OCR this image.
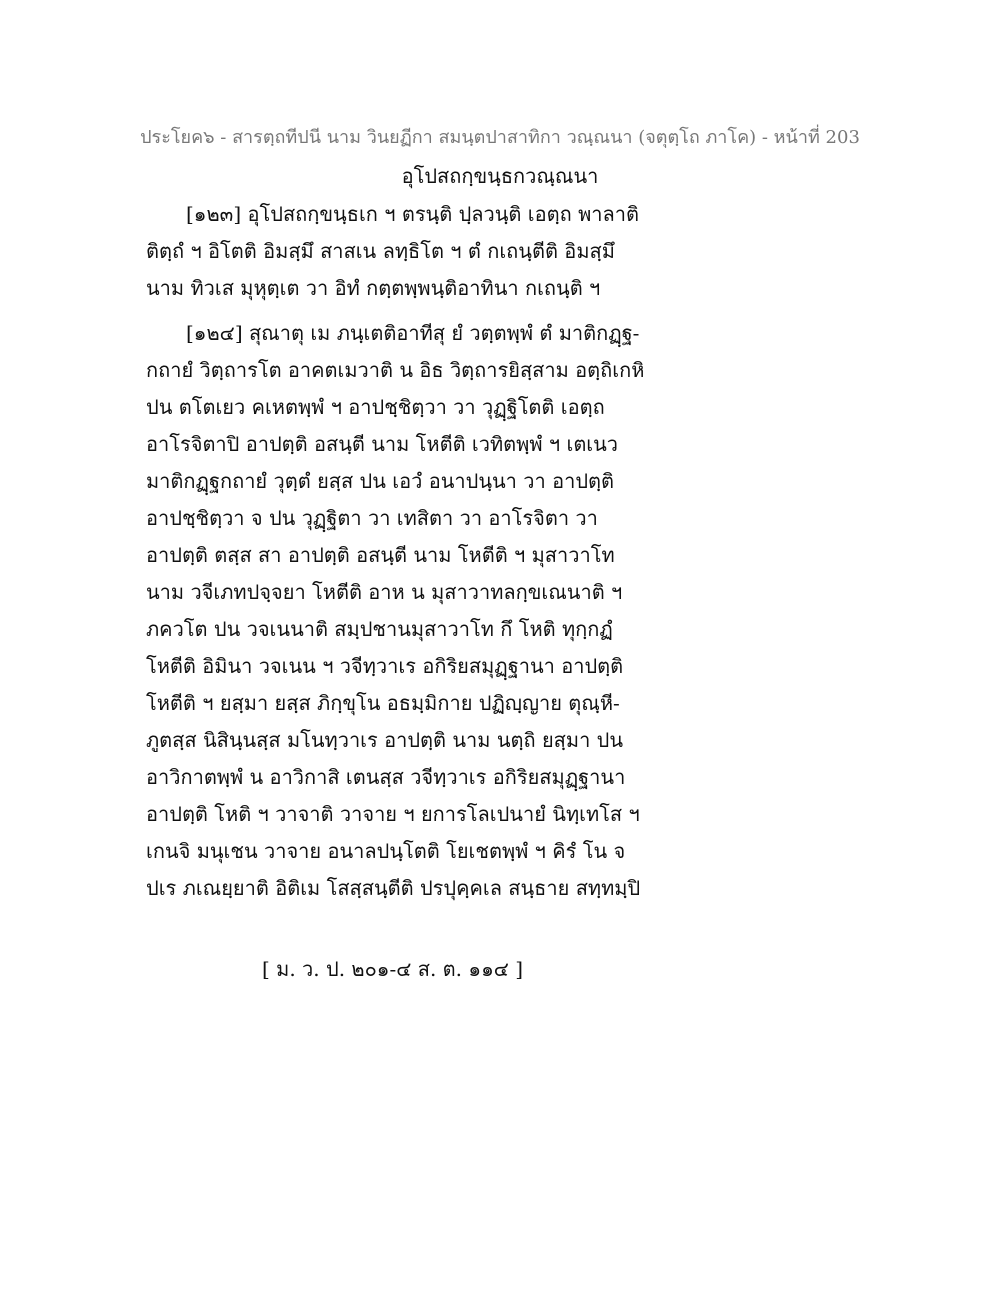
ประโยค๖ - สารตฺถทีปนี นาม วินยฏีกา สมนฺตปาสาทิกา วณฺณนา (จตุตฺโถ ภาโค) - หน้าที่ 203
อุโปสถกฺขนฺธกวณฺณนา
[๑๒๓] อุโปสถกฺขนฺธเก ฯ ตรนฺติ ปฺลวนฺติ เอตฺถ พาลาติ
ติตฺถํ ฯ อิโตติ อิมสฺมึ สาสเน ลทฺธิโต ฯ ตํ กเถนฺตีติ อิมสฺมึ
นาม ทิวเส มุหุตฺเต วา อิทํ กตฺตพฺพนฺติอาทินา กเถนฺติ ฯ
[๑๒๔] สุณาตุ เม ภนฺเตติอาทีสุ ยํ วตฺตพฺพํ ตํ มาติกฏฺฐ-
กถายํ วิตฺถารโต อาคตเมวาติ น อิธ วิตฺถารยิสฺสาม อตฺถิเกหิ
ปน ตโตเยว คเหตพฺพํ ฯ อาปชฺชิตฺวา วา วุฏฺฐิโตติ เอตฺถ
อาโรจิตาปิ อาปตฺติ อสนฺตี นาม โหตีติ เวทิตพฺพํ ฯ เตเนว
มาติกฏฺฐกถายํ วุตฺตํ ยสฺส ปน เอวํ อนาปนฺนา วา อาปตฺติ
อาปชฺชิตฺวา จ ปน วุฏฺฐิตา วา เทสิตา วา อาโรจิตา วา
อาปตฺติ ตสฺส สา อาปตฺติ อสนฺตี นาม โหตีติ ฯ มุสาวาโท
นาม วจีเภทปจฺจยา โหตีติ อาห น มุสาวาทลกฺขเณนาติ ฯ
ภควโต ปน วจเนนาติ สมฺปชานมุสาวาโท กึ โหติ ทุกฺกฏํ
โหตีติ อิมินา วจเนน ฯ วจีทฺวาเร อกิริยสมุฏฺฐานา อาปตฺติ
โหตีติ ฯ ยสฺมา ยสฺส ภิกฺขุโน อธมฺมิกาย ปฏิญฺญาย ตุณฺหี-
ภูตสฺส นิสินฺนสฺส มโนทฺวาเร อาปตฺติ นาม นตฺถิ ยสฺมา ปน
อาวิกาตพฺพํ น อาวิกาสิ เตนสฺส วจีทฺวาเร อกิริยสมุฏฺฐานา
อาปตฺติ โหติ ฯ วาจาติ วาจาย ฯ ยการโลเปนายํ นิทฺเทโส ฯ
เกนจิ มนุเชน วาจาย อนาลปนฺโตติ โยเชตพฺพํ ฯ คิรํ โน จ
ปเร ภเณยฺยาติ อิติเม โสสฺสนฺตีติ ปรปุคฺคเล สนฺธาย สทฺทมฺปิ
[ ม. ว. ป. ๒๐๑-๔ ส. ต. ๑๑๔ ]
